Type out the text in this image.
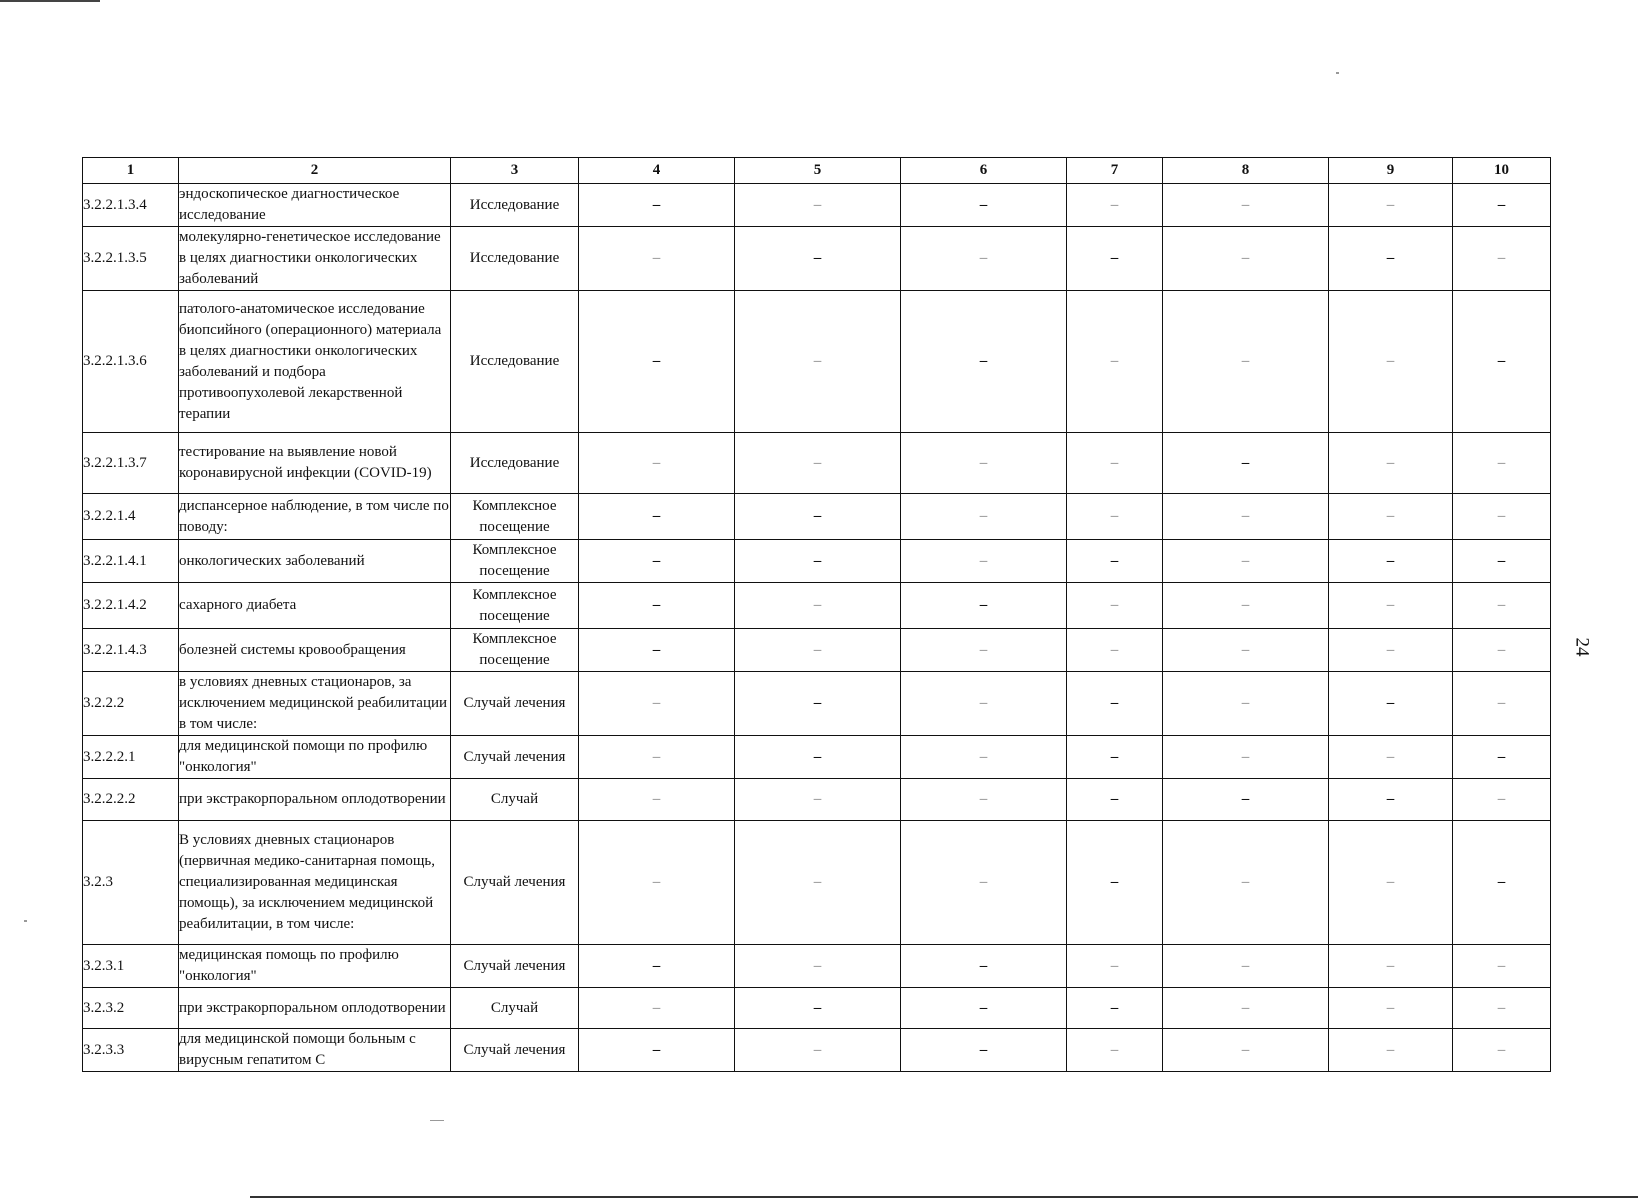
24
1	2	3	4	5	6	7	8	9	10
3.2.2.1.3.4	эндоскопическое диагностическое исследование	Исследование	–	–	–	–	–	–	–
3.2.2.1.3.5	молекулярно-генетическое исследование в целях диагностики онкологических заболеваний	Исследование	–	–	–	–	–	–	–
3.2.2.1.3.6	патолого-анатомическое исследование биопсийного (операционного) материала в целях диагностики онкологических заболеваний и подбора противоопухолевой лекарственной терапии	Исследование	–	–	–	–	–	–	–
3.2.2.1.3.7	тестирование на выявление новой коронавирусной инфекции (COVID-19)	Исследование	–	–	–	–	–	–	–
3.2.2.1.4	диспансерное наблюдение, в том числе по поводу:	Комплексное посещение	–	–	–	–	–	–	–
3.2.2.1.4.1	онкологических заболеваний	Комплексное посещение	–	–	–	–	–	–	–
3.2.2.1.4.2	сахарного диабета	Комплексное посещение	–	–	–	–	–	–	–
3.2.2.1.4.3	болезней системы кровообращения	Комплексное посещение	–	–	–	–	–	–	–
3.2.2.2	в условиях дневных стационаров, за исключением медицинской реабилитации в том числе:	Случай лечения	–	–	–	–	–	–	–
3.2.2.2.1	для медицинской помощи по профилю "онкология"	Случай лечения	–	–	–	–	–	–	–
3.2.2.2.2	при экстракорпоральном оплодотворении	Случай	–	–	–	–	–	–	–
3.2.3	В условиях дневных стационаров (первичная медико-санитарная помощь, специализированная медицинская помощь), за исключением медицинской реабилитации, в том числе:	Случай лечения	–	–	–	–	–	–	–
3.2.3.1	медицинская помощь по профилю "онкология"	Случай лечения	–	–	–	–	–	–	–
3.2.3.2	при экстракорпоральном оплодотворении	Случай	–	–	–	–	–	–	–
3.2.3.3	для медицинской помощи больным с вирусным гепатитом С	Случай лечения	–	–	–	–	–	–	–
